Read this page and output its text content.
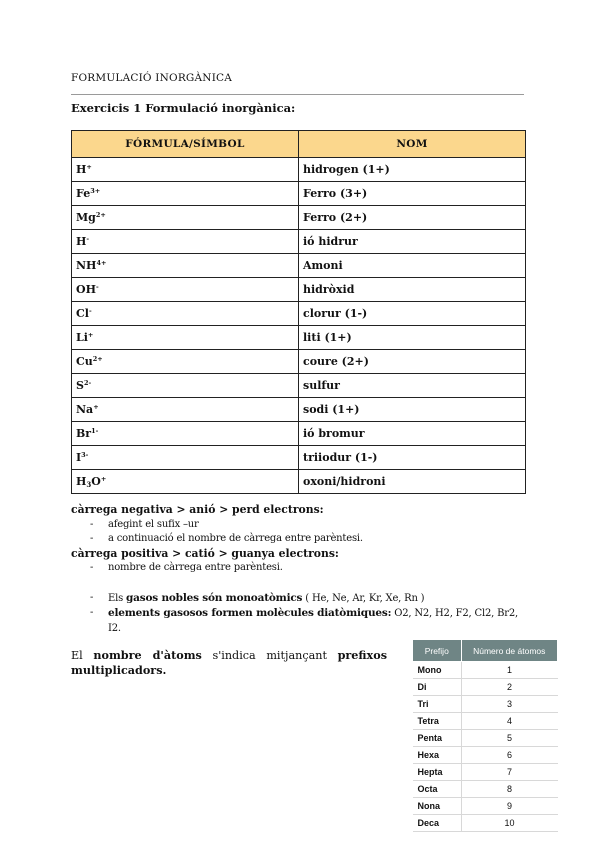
FORMULACIÓ INORGÀNICA
Exercicis 1 Formulació inorgànica:
FÓRMULA/SÍMBOL	NOM
H+	hidrogen (1+)
$Fe^{3+}$	Ferro (3+)
$Mg^{2+}$	Ferro (2+)
H-	ió hidrur
$NH^{4+}$	Amoni
OH-	hidròxid
Cl-	clorur (1-)
Li+	liti (1+)
$Cu^{2+}$	coure (2+)
$S^{2-}$	sulfur
Na+	sodi (1+)
$Br^{1-}$	ió bromur
$I^{3-}$	triiodur (1-)
$H_3O^+$	oxoni/hidroni
càrrega negativa > anió > perd electrons:
- afegint el sufix –ur
- a continuació el nombre de càrrega entre parèntesi.
càrrega positiva > catió > guanya electrons:
- nombre de càrrega entre parèntesi.
- Els gasos nobles són monoatòmics ( He, Ne, Ar, Kr, Xe, Rn )
- elements gasosos formen molècules diatòmiques: O2, N2, H2, F2, Cl2, Br2, I2.
El nombre d'àtoms s'indica mitjançant prefixos multiplicadors.
Prefijo	Número de átomos
Mono	1
Di	2
Tri	3
Tetra	4
Penta	5
Hexa	6
Hepta	7
Octa	8
Nona	9
Deca	10
